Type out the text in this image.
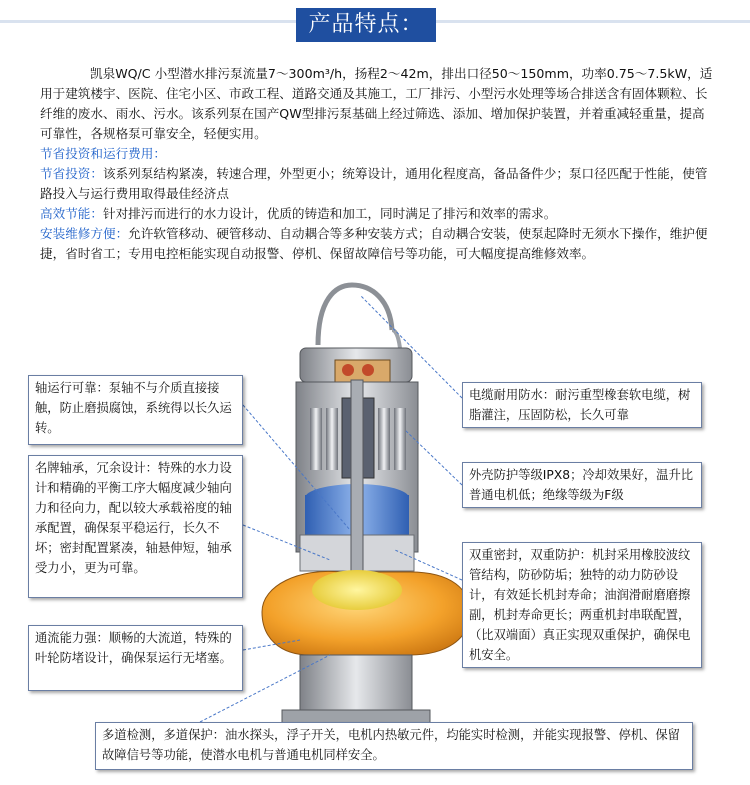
产品特点：

凯泉WQ/C 小型潜水排污泵流量7～300m³/h，扬程2～42m，排出口径50～150mm，功率0.75～7.5kW，适用于建筑楼宇、医院、住宅小区、市政工程、道路交通及其施工，工厂排污、小型污水处理等场合排送含有固体颗粒、长纤维的废水、雨水、污水。该系列泵在国产QW型排污泵基础上经过筛选、添加、增加保护装置，并着重减轻重量，提高可靠性，各规格泵可靠安全，轻便实用。

节省投资和运行费用：

节省投资：该系列泵结构紧凑，转速合理，外型更小；统筹设计，通用化程度高，备品备件少；泵口径匹配于性能，使管路投入与运行费用取得最佳经济点

高效节能：针对排污而进行的水力设计，优质的铸造和加工，同时满足了排污和效率的需求。

安装维修方便：允许软管移动、硬管移动、自动耦合等多种安装方式；自动耦合安装，使泵起降时无须水下操作，维护便捷，省时省工；专用电控柜能实现自动报警、停机、保留故障信号等功能，可大幅度提高维修效率。

轴运行可靠：泵轴不与介质直接接触，防止磨损腐蚀，系统得以长久运转。
名牌轴承，冗余设计：特殊的水力设计和精确的平衡工序大幅度减少轴向力和径向力，配以较大承载裕度的轴承配置，确保泵平稳运行，长久不坏；密封配置紧凑，轴悬伸短，轴承受力小，更为可靠。
通流能力强：顺畅的大流道，特殊的叶轮防堵设计，确保泵运行无堵塞。
电缆耐用防水：耐污重型橡套软电缆，树脂灌注，压固防松，长久可靠
外壳防护等级IPX8；冷却效果好，温升比普通电机低；绝缘等级为F级
双重密封，双重防护：机封采用橡胶波纹管结构，防砂防垢；独特的动力防砂设计，有效延长机封寿命；油润滑耐磨磨擦副，机封寿命更长；两重机封串联配置，（比双端面）真正实现双重保护，确保电机安全。
多道检测，多道保护：油水探头，浮子开关，电机内热敏元件，均能实时检测，并能实现报警、停机、保留故障信号等功能，使潜水电机与普通电机同样安全。
